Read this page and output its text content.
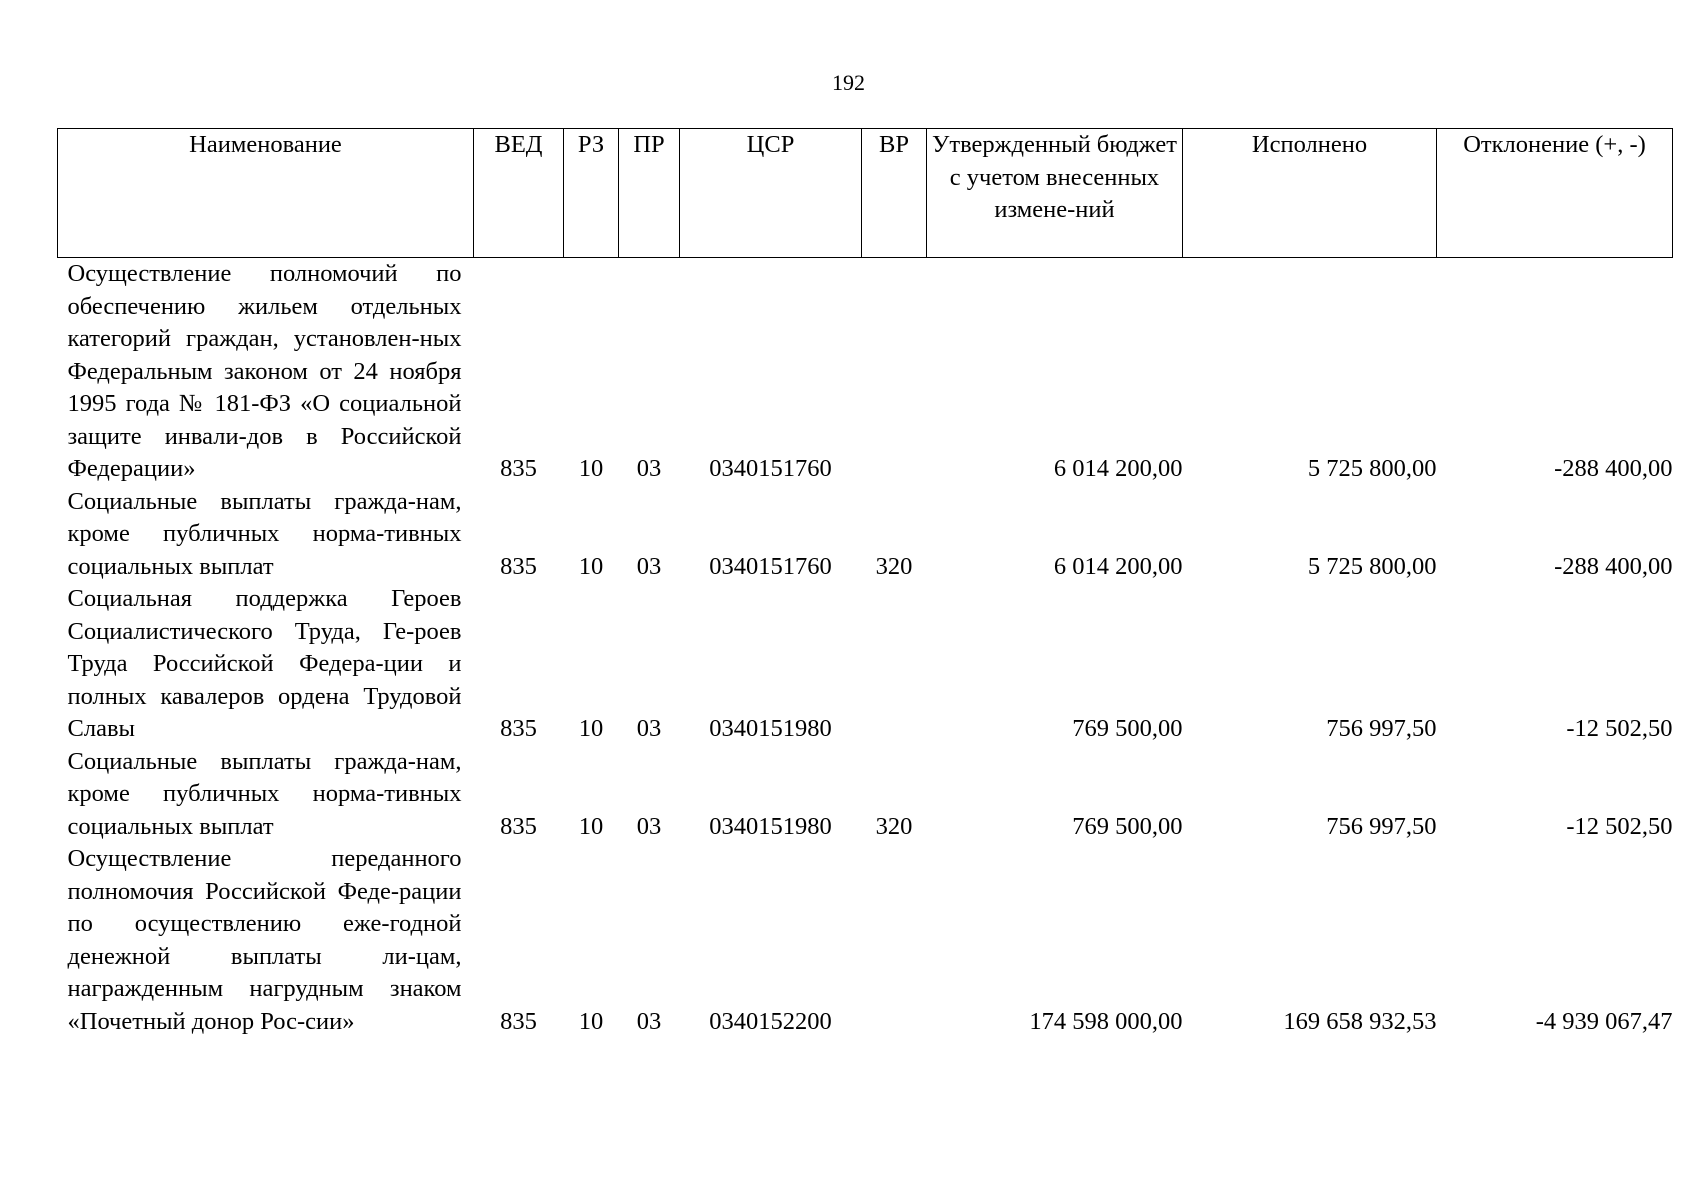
192
Наименование	ВЕД	РЗ	ПР	ЦСР	ВР	Утвержденный бюджет с учетом внесенных измене-ний	Исполнено	Отклонение (+, -)
Осуществление полномочий по обеспечению жильем отдельных категорий граждан, установлен-ных Федеральным законом от 24 ноября 1995 года № 181-ФЗ «О социальной защите инвали-дов в Российской Федерации»	835	10	03	0340151760		6 014 200,00	5 725 800,00	-288 400,00
Социальные выплаты гражда-нам, кроме публичных норма-тивных социальных выплат	835	10	03	0340151760	320	6 014 200,00	5 725 800,00	-288 400,00
Социальная поддержка Героев Социалистического Труда, Ге-роев Труда Российской Федера-ции и полных кавалеров ордена Трудовой Славы	835	10	03	0340151980		769 500,00	756 997,50	-12 502,50
Социальные выплаты гражда-нам, кроме публичных норма-тивных социальных выплат	835	10	03	0340151980	320	769 500,00	756 997,50	-12 502,50
Осуществление переданного полномочия Российской Феде-рации по осуществлению еже-годной денежной выплаты ли-цам, награжденным нагрудным знаком «Почетный донор Рос-сии»	835	10	03	0340152200		174 598 000,00	169 658 932,53	-4 939 067,47
